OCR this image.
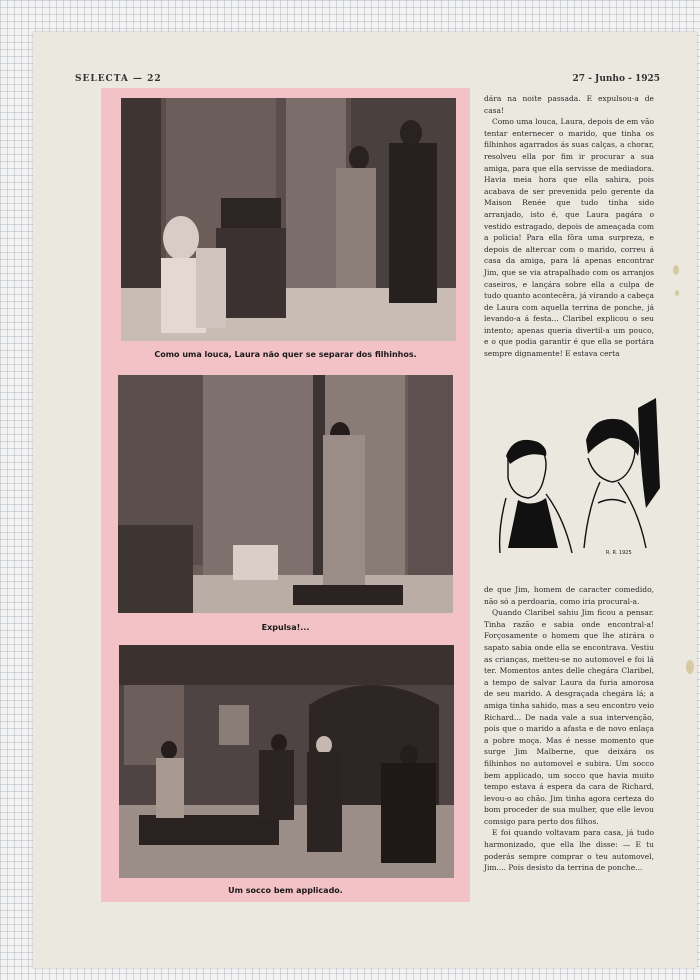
SELECTA — 22	27 - Junho - 1925
Como uma louca, Laura não quer se separar dos filhinhos.
Expulsa!...
Um socco bem applicado.

dára na noite passada. E expulsou-a de casa!

Como uma louca, Laura, depois de em vão tentar enternecer o marido, que tinha os filhinhos agarrados ás suas calças, a chorar, resolveu ella por fim ir procurar a sua amiga, para que ella servisse de mediadora. Havia meia hora que ella sahira, pois acabava de ser prevenida pelo gerente da Maison Renée que tudo tinha sido arranjado, isto é, que Laura pagára o vestido estragado, depois de ameaçada com a policia! Para ella fôra uma surpreza, e depois de altercar com o marido, correu á casa da amiga, para lá apenas encontrar Jim, que se via atrapalhado com os arranjos caseiros, e lançára sobre ella a culpa de tudo quanto acontecêra, já virando a cabeça de Laura com aquella terrina de ponche, já levando-a á festa... Claribel explicou o seu intento; apenas queria divertil-a um pouco, e o que podia garantir é que ella se portára sempre dignamente! E estava certa

R. R. 1925

de que Jim, homem de caracter comedido, não só a perdoaria, como iria procural-a.

Quando Claribel sahiu Jim ficou a pensar. Tinha razão e sabia onde encontral-a! Forçosamente o homem que lhe atirára o sapato sabia onde ella se encontrava. Vestiu as crianças, metteu-se no automovel e foi lá ter. Momentos antes delle chegára Claribel, a tempo de salvar Laura da furia amorosa de seu marido. A desgraçada chegára lá; a amiga tinha sahido, mas a seu encontro veio Richard... De nada vale a sua intervenção, pois que o marido a afasta e de novo enlaça a pobre moça. Mas é nesse momento que surge Jim Malberne, que deixára os filhinhos no automovel e subira. Um socco bem applicado, um socco que havia muito tempo estava á espera da cara de Richard, levou-o ao chão. Jim tinha agora certeza do bom proceder de sua mulher, que elle levou comsigo para perto dos filhos.

E foi quando voltavam para casa, já tudo harmonizado, que ella lhe disse: — E tu poderás sempre comprar o teu automovel, Jim.... Pois desisto da terrina de ponche...
